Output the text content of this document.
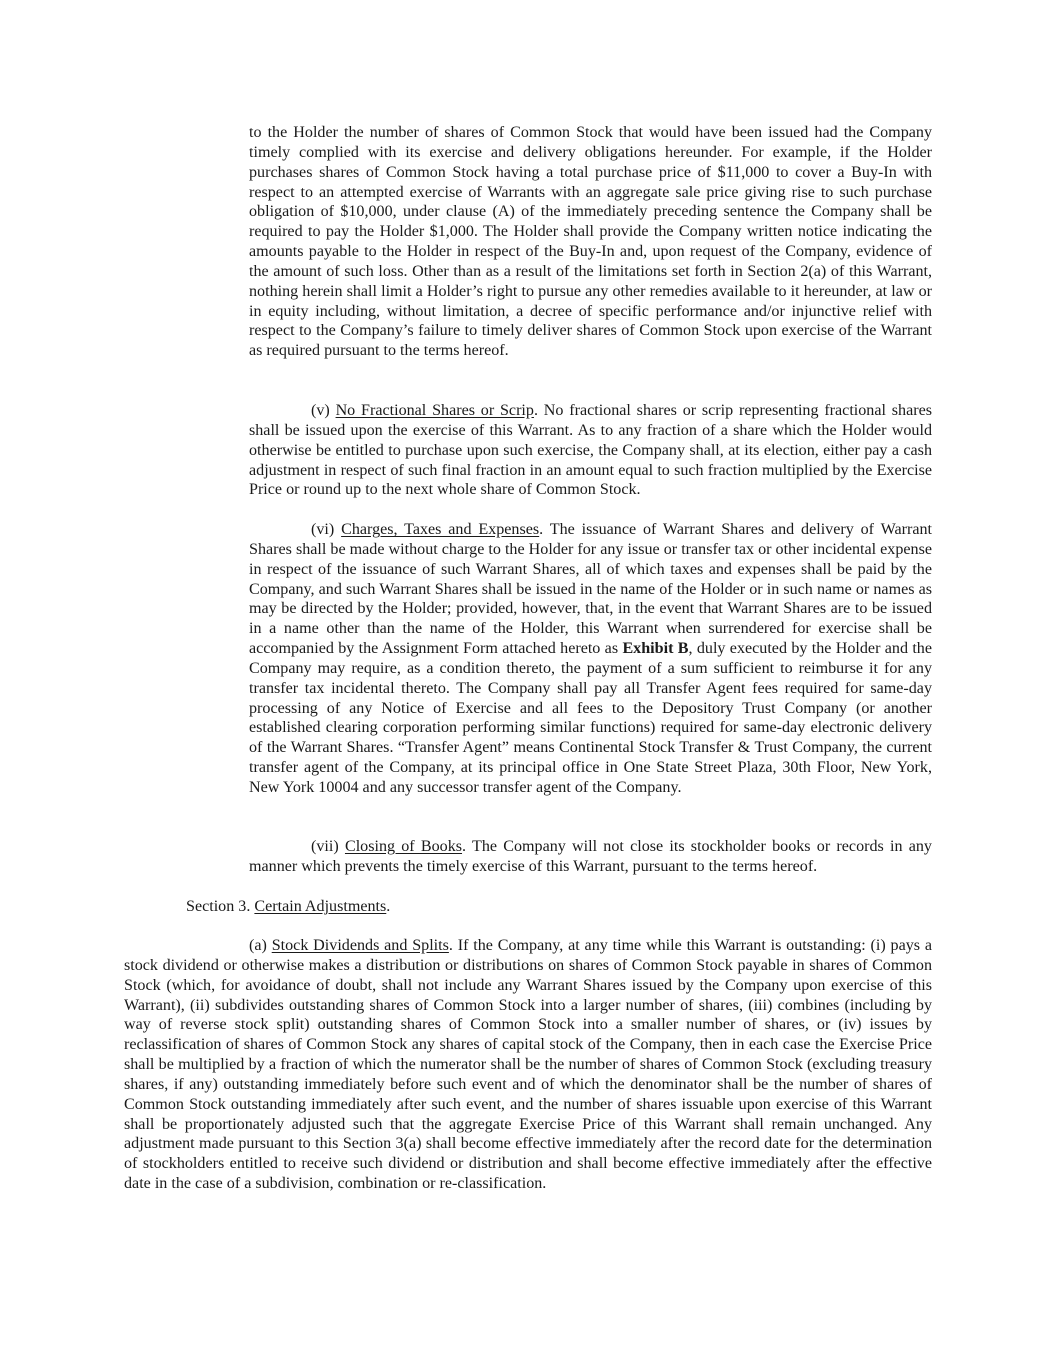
to the Holder the number of shares of Common Stock that would have been issued had the Company timely complied with its exercise and delivery obligations hereunder. For example, if the Holder purchases shares of Common Stock having a total purchase price of $11,000 to cover a Buy-In with respect to an attempted exercise of Warrants with an aggregate sale price giving rise to such purchase obligation of $10,000, under clause (A) of the immediately preceding sentence the Company shall be required to pay the Holder $1,000. The Holder shall provide the Company written notice indicating the amounts payable to the Holder in respect of the Buy-In and, upon request of the Company, evidence of the amount of such loss. Other than as a result of the limitations set forth in Section 2(a) of this Warrant, nothing herein shall limit a Holder’s right to pursue any other remedies available to it hereunder, at law or in equity including, without limitation, a decree of specific performance and/or injunctive relief with respect to the Company’s failure to timely deliver shares of Common Stock upon exercise of the Warrant as required pursuant to the terms hereof.

(v) No Fractional Shares or Scrip. No fractional shares or scrip representing fractional shares shall be issued upon the exercise of this Warrant. As to any fraction of a share which the Holder would otherwise be entitled to purchase upon such exercise, the Company shall, at its election, either pay a cash adjustment in respect of such final fraction in an amount equal to such fraction multiplied by the Exercise Price or round up to the next whole share of Common Stock.

(vi) Charges, Taxes and Expenses. The issuance of Warrant Shares and delivery of Warrant Shares shall be made without charge to the Holder for any issue or transfer tax or other incidental expense in respect of the issuance of such Warrant Shares, all of which taxes and expenses shall be paid by the Company, and such Warrant Shares shall be issued in the name of the Holder or in such name or names as may be directed by the Holder; provided, however, that, in the event that Warrant Shares are to be issued in a name other than the name of the Holder, this Warrant when surrendered for exercise shall be accompanied by the Assignment Form attached hereto as Exhibit B, duly executed by the Holder and the Company may require, as a condition thereto, the payment of a sum sufficient to reimburse it for any transfer tax incidental thereto. The Company shall pay all Transfer Agent fees required for same-day processing of any Notice of Exercise and all fees to the Depository Trust Company (or another established clearing corporation performing similar functions) required for same-day electronic delivery of the Warrant Shares. “Transfer Agent” means Continental Stock Transfer & Trust Company, the current transfer agent of the Company, at its principal office in One State Street Plaza, 30th Floor, New York, New York 10004 and any successor transfer agent of the Company.

(vii) Closing of Books. The Company will not close its stockholder books or records in any manner which prevents the timely exercise of this Warrant, pursuant to the terms hereof.

Section 3. Certain Adjustments.

(a) Stock Dividends and Splits. If the Company, at any time while this Warrant is outstanding: (i) pays a stock dividend or otherwise makes a distribution or distributions on shares of Common Stock payable in shares of Common Stock (which, for avoidance of doubt, shall not include any Warrant Shares issued by the Company upon exercise of this Warrant), (ii) subdivides outstanding shares of Common Stock into a larger number of shares, (iii) combines (including by way of reverse stock split) outstanding shares of Common Stock into a smaller number of shares, or (iv) issues by reclassification of shares of Common Stock any shares of capital stock of the Company, then in each case the Exercise Price shall be multiplied by a fraction of which the numerator shall be the number of shares of Common Stock (excluding treasury shares, if any) outstanding immediately before such event and of which the denominator shall be the number of shares of Common Stock outstanding immediately after such event, and the number of shares issuable upon exercise of this Warrant shall be proportionately adjusted such that the aggregate Exercise Price of this Warrant shall remain unchanged. Any adjustment made pursuant to this Section 3(a) shall become effective immediately after the record date for the determination of stockholders entitled to receive such dividend or distribution and shall become effective immediately after the effective date in the case of a subdivision, combination or re-classification.
